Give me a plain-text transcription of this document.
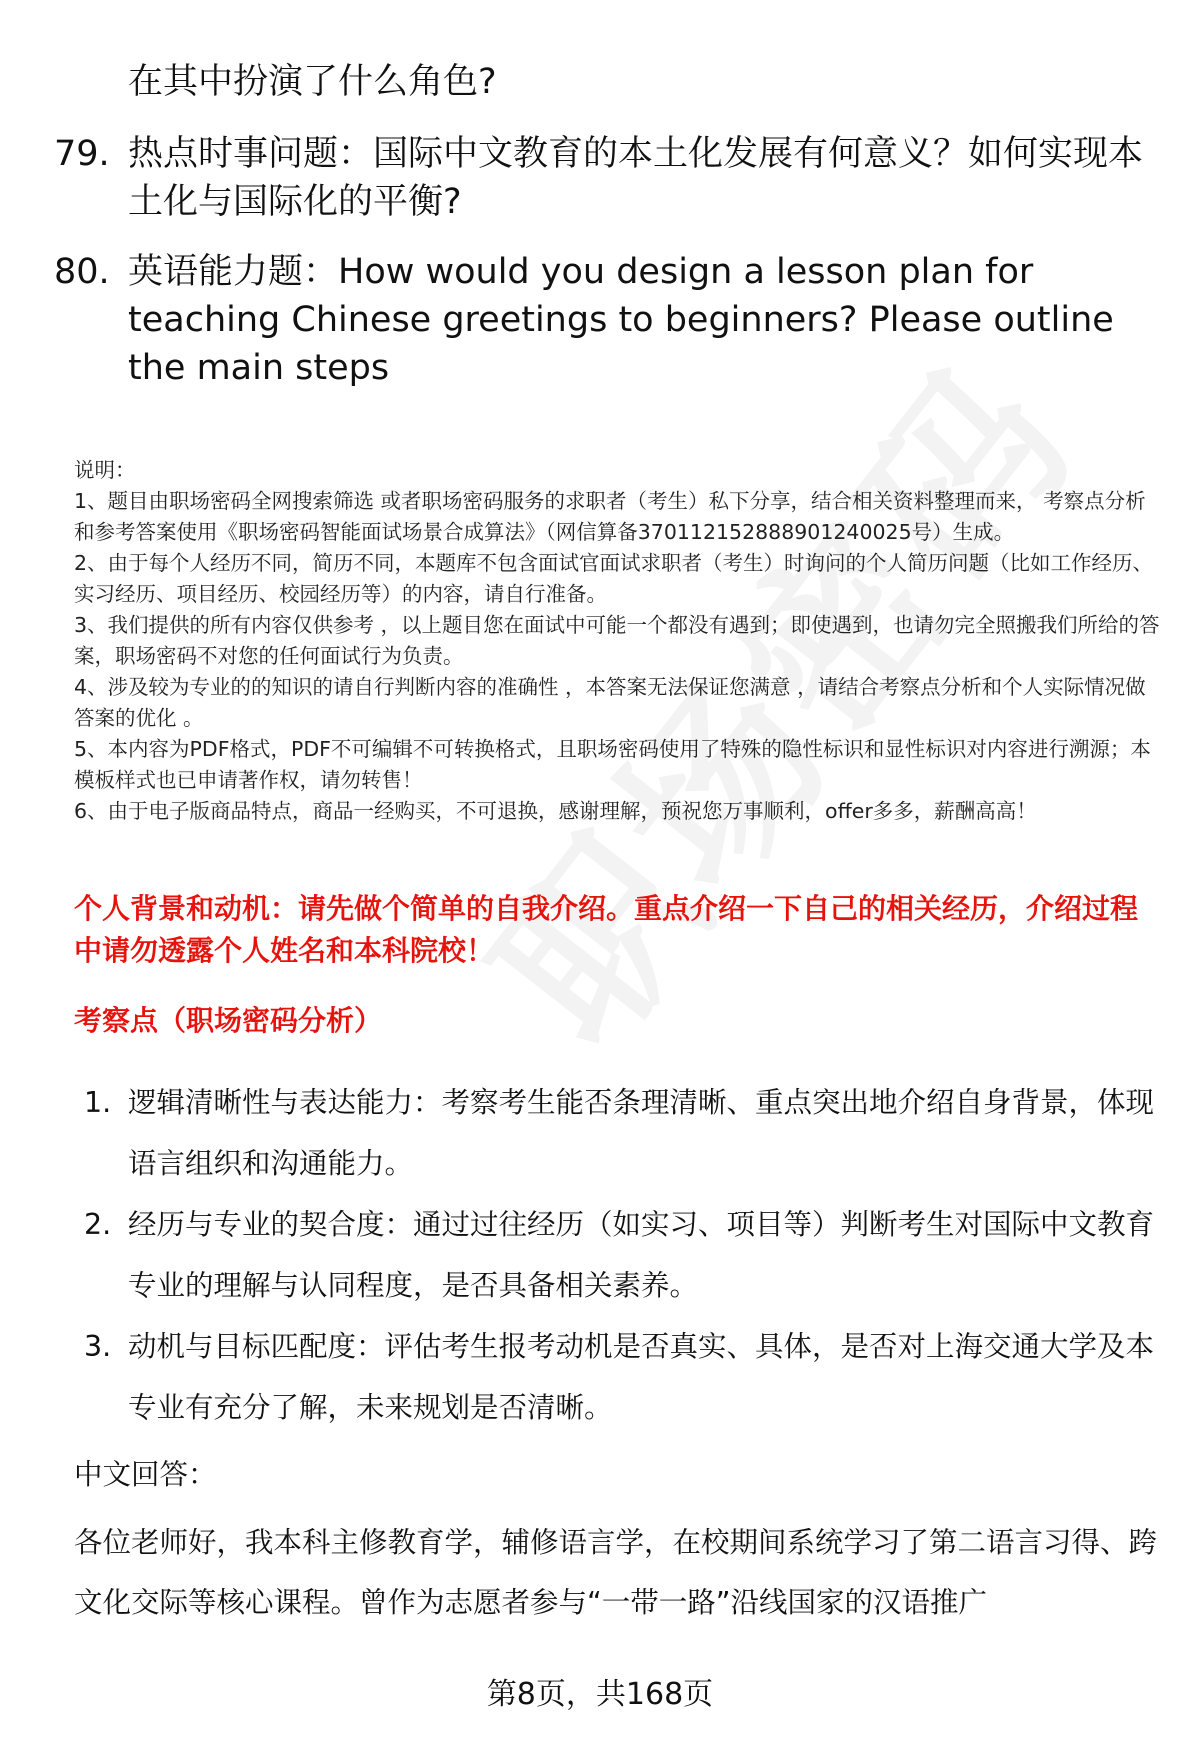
在其中扮演了什么角色?

79. 热点时事问题：国际中文教育的本土化发展有何意义？如何实现本土化与国际化的平衡?
80. 英语能力题：How would you design a lesson plan for teaching Chinese greetings to beginners? Please outline the main steps

说明：

1、题目由职场密码全网搜索筛选 或者职场密码服务的求职者（考生）私下分享，结合相关资料整理而来， 考察点分析和参考答案使用《职场密码智能面试场景合成算法》（网信算备370112152888901240025号）生成。

2、由于每个人经历不同，简历不同，本题库不包含面试官面试求职者（考生）时询问的个人简历问题（比如工作经历、实习经历、项目经历、校园经历等）的内容，请自行准备。

3、我们提供的所有内容仅供参考 ，以上题目您在面试中可能一个都没有遇到；即使遇到，也请勿完全照搬我们所给的答案，职场密码不对您的任何面试行为负责。

4、涉及较为专业的的知识的请自行判断内容的准确性 ，本答案无法保证您满意 ，请结合考察点分析和个人实际情况做答案的优化 。

5、本内容为PDF格式，PDF不可编辑不可转换格式，且职场密码使用了特殊的隐性标识和显性标识对内容进行溯源；本模板样式也已申请著作权，请勿转售！

6、由于电子版商品特点，商品一经购买，不可退换，感谢理解，预祝您万事顺利，offer多多，薪酬高高！

个人背景和动机：请先做个简单的自我介绍。重点介绍一下自己的相关经历，介绍过程中请勿透露个人姓名和本科院校！

考察点（职场密码分析）

1. 逻辑清晰性与表达能力：考察考生能否条理清晰、重点突出地介绍自身背景，体现语言组织和沟通能力。
2. 经历与专业的契合度：通过过往经历（如实习、项目等）判断考生对国际中文教育专业的理解与认同程度，是否具备相关素养。
3. 动机与目标匹配度：评估考生报考动机是否真实、具体，是否对上海交通大学及本专业有充分了解，未来规划是否清晰。

中文回答：

各位老师好，我本科主修教育学，辅修语言学，在校期间系统学习了第二语言习得、跨文化交际等核心课程。曾作为志愿者参与“一带一路”沿线国家的汉语推广

第8页，共168页
